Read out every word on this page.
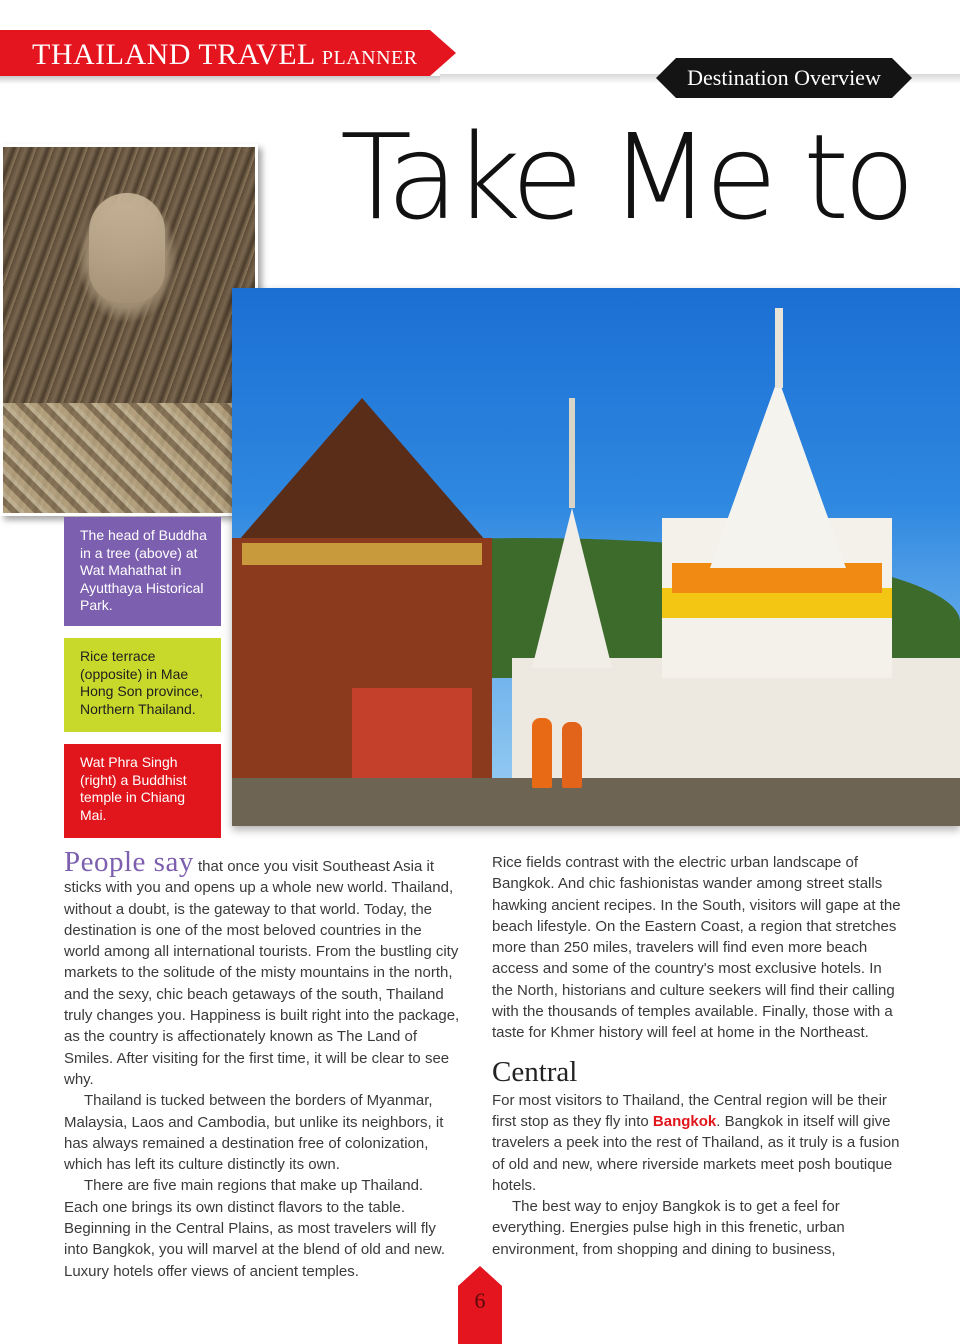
THAILAND TRAVEL PLANNER
Destination Overview
Take Me to
The head of Buddha in a tree (above) at Wat Mahathat in Ayutthaya Historical Park.
Rice terrace (opposite) in Mae Hong Son province, Northern Thailand.
Wat Phra Singh (right) a Buddhist temple in Chiang Mai.

People say that once you visit Southeast Asia it sticks with you and opens up a whole new world. Thailand, without a doubt, is the gateway to that world. Today, the destination is one of the most beloved countries in the world among all international tourists. From the bustling city markets to the solitude of the misty mountains in the north, and the sexy, chic beach getaways of the south, Thailand truly changes you. Happiness is built right into the package, as the country is affectionately known as The Land of Smiles. After visiting for the first time, it will be clear to see why.

Thailand is tucked between the borders of Myanmar, Malaysia, Laos and Cambodia, but unlike its neighbors, it has always remained a destination free of colonization, which has left its culture distinctly its own.

There are five main regions that make up Thailand. Each one brings its own distinct flavors to the table. Beginning in the Central Plains, as most travelers will fly into Bangkok, you will marvel at the blend of old and new. Luxury hotels offer views of ancient temples.

Rice fields contrast with the electric urban landscape of Bangkok. And chic fashionistas wander among street stalls hawking ancient recipes. In the South, visitors will gape at the beach lifestyle. On the Eastern Coast, a region that stretches more than 250 miles, travelers will find even more beach access and some of the country's most exclusive hotels. In the North, historians and culture seekers will find their calling with the thousands of temples available. Finally, those with a taste for Khmer history will feel at home in the Northeast.

Central

For most visitors to Thailand, the Central region will be their first stop as they fly into Bangkok. Bangkok in itself will give travelers a peek into the rest of Thailand, as it truly is a fusion of old and new, where riverside markets meet posh boutique hotels.

The best way to enjoy Bangkok is to get a feel for everything. Energies pulse high in this frenetic, urban environment, from shopping and dining to business,

6
